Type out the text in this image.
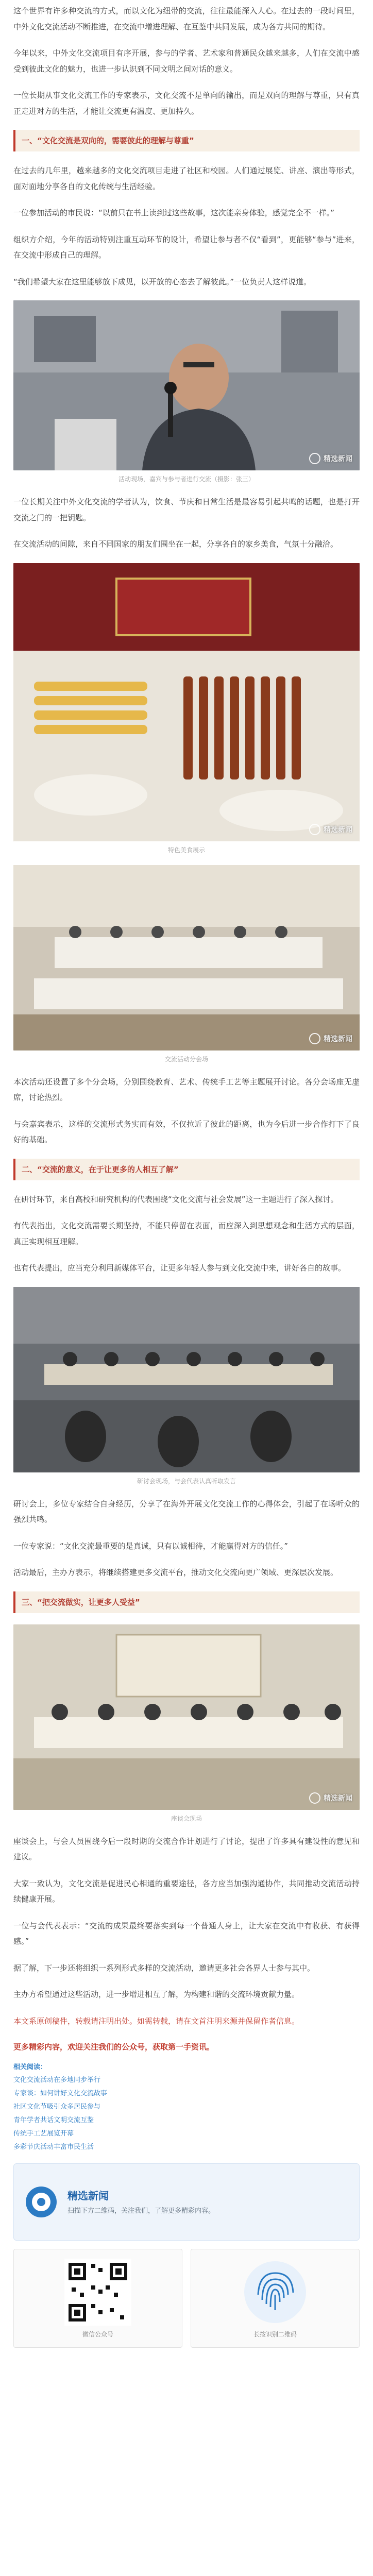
这个世界有许多种交流的方式，而以文化为纽带的交流，往往最能深入人心。在过去的一段时间里，中外文化交流活动不断推进，在交流中增进理解、在互鉴中共同发展，成为各方共同的期待。

今年以来，中外文化交流项目有序开展，参与的学者、艺术家和普通民众越来越多，人们在交流中感受到彼此文化的魅力，也进一步认识到不同文明之间对话的意义。

一位长期从事文化交流工作的专家表示，文化交流不是单向的输出，而是双向的理解与尊重，只有真正走进对方的生活，才能让交流更有温度、更加持久。

一、“文化交流是双向的，需要彼此的理解与尊重”

在过去的几年里，越来越多的文化交流项目走进了社区和校园。人们通过展览、讲座、演出等形式，面对面地分享各自的文化传统与生活经验。

一位参加活动的市民说：“以前只在书上读到过这些故事，这次能亲身体验，感觉完全不一样。”

组织方介绍，今年的活动特别注重互动环节的设计，希望让参与者不仅“看到”，更能够“参与”进来，在交流中形成自己的理解。

“我们希望大家在这里能够放下成见，以开放的心态去了解彼此。”一位负责人这样说道。

精选新闻
活动现场，嘉宾与参与者进行交流（摄影：张三）

一位长期关注中外文化交流的学者认为，饮食、节庆和日常生活是最容易引起共鸣的话题，也是打开交流之门的一把钥匙。

在交流活动的间隙，来自不同国家的朋友们围坐在一起，分享各自的家乡美食，气氛十分融洽。

精选新闻
特色美食展示
精选新闻
交流活动分会场

本次活动还设置了多个分会场，分别围绕教育、艺术、传统手工艺等主题展开讨论。各分会场座无虚席，讨论热烈。

与会嘉宾表示，这样的交流形式务实而有效，不仅拉近了彼此的距离，也为今后进一步合作打下了良好的基础。

二、“交流的意义，在于让更多的人相互了解”

在研讨环节，来自高校和研究机构的代表围绕“文化交流与社会发展”这一主题进行了深入探讨。

有代表指出，文化交流需要长期坚持，不能只停留在表面，而应深入到思想观念和生活方式的层面，真正实现相互理解。

也有代表提出，应当充分利用新媒体平台，让更多年轻人参与到文化交流中来，讲好各自的故事。

研讨会现场，与会代表认真听取发言

研讨会上，多位专家结合自身经历，分享了在海外开展文化交流工作的心得体会，引起了在场听众的强烈共鸣。

一位专家说：“文化交流最重要的是真诚，只有以诚相待，才能赢得对方的信任。”

活动最后，主办方表示，将继续搭建更多交流平台，推动文化交流向更广领域、更深层次发展。

三、“把交流做实，让更多人受益”
精选新闻
座谈会现场

座谈会上，与会人员围绕今后一段时期的交流合作计划进行了讨论，提出了许多具有建设性的意见和建议。

大家一致认为，文化交流是促进民心相通的重要途径，各方应当加强沟通协作，共同推动交流活动持续健康开展。

一位与会代表表示：“交流的成果最终要落实到每一个普通人身上，让大家在交流中有收获、有获得感。”

据了解，下一步还将组织一系列形式多样的交流活动，邀请更多社会各界人士参与其中。

主办方希望通过这些活动，进一步增进相互了解，为构建和谐的交流环境贡献力量。

本文系原创稿件，转载请注明出处。如需转载，请在文首注明来源并保留作者信息。

更多精彩内容，欢迎关注我们的公众号，获取第一手资讯。
相关阅读：
文化交流活动在多地同步举行
专家谈：如何讲好文化交流故事
社区文化节吸引众多居民参与
青年学者共话文明交流互鉴
传统手工艺展览开幕
多彩节庆活动丰富市民生活
精选新闻
扫描下方二维码，关注我们，了解更多精彩内容。
微信公众号	长按识别二维码
